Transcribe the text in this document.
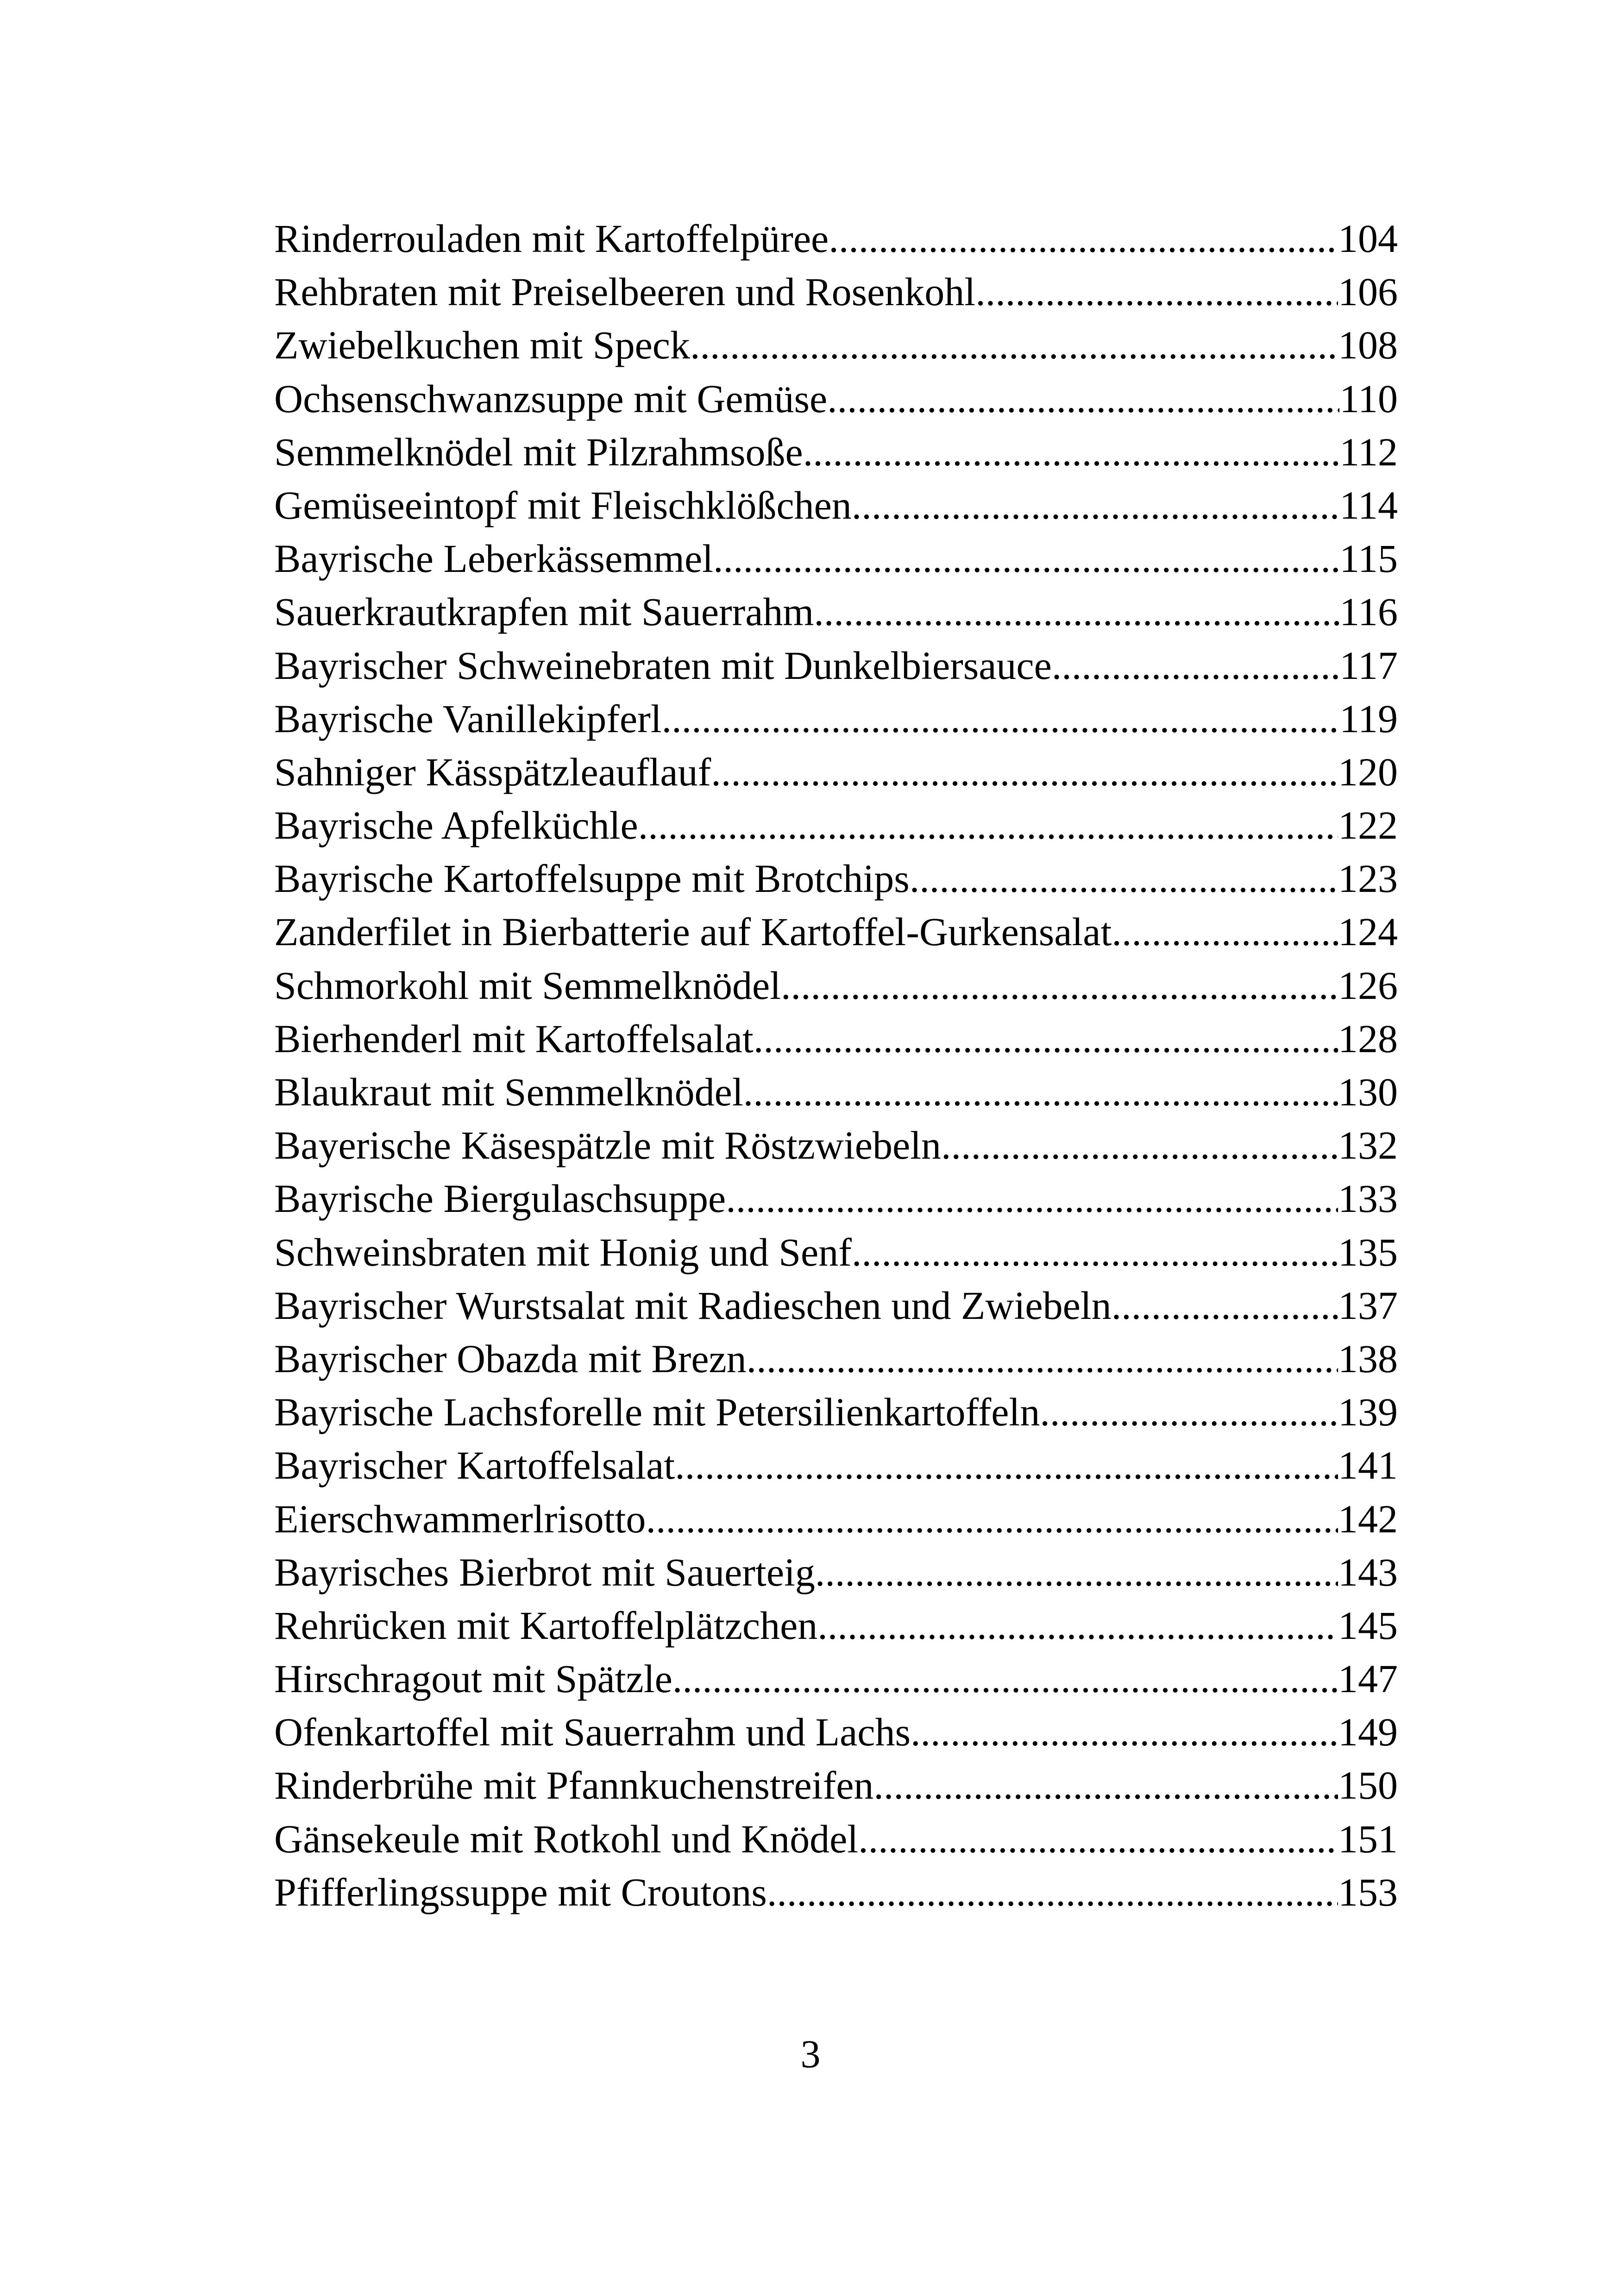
Rinderrouladen mit Kartoffelpüree .....	104
Rehbraten mit Preiselbeeren und Rosenkohl .....	106
Zwiebelkuchen mit Speck .....	108
Ochsenschwanzsuppe mit Gemüse .....	110
Semmelknödel mit Pilzrahmsoße .....	112
Gemüseeintopf mit Fleischklößchen .....	114
Bayrische Leberkässemmel .....	115
Sauerkrautkrapfen mit Sauerrahm .....	116
Bayrischer Schweinebraten mit Dunkelbiersauce .....	117
Bayrische Vanillekipferl .....	119
Sahniger Kässpätzleauflauf .....	120
Bayrische Apfelküchle .....	122
Bayrische Kartoffelsuppe mit Brotchips .....	123
Zanderfilet in Bierbatterie auf Kartoffel-Gurkensalat .....	124
Schmorkohl mit Semmelknödel .....	126
Bierhenderl mit Kartoffelsalat .....	128
Blaukraut mit Semmelknödel .....	130
Bayerische Käsespätzle mit Röstzwiebeln .....	132
Bayrische Biergulaschsuppe .....	133
Schweinsbraten mit Honig und Senf .....	135
Bayrischer Wurstsalat mit Radieschen und Zwiebeln .....	137
Bayrischer Obazda mit Brezn .....	138
Bayrische Lachsforelle mit Petersilienkartoffeln .....	139
Bayrischer Kartoffelsalat .....	141
Eierschwammerlrisotto .....	142
Bayrisches Bierbrot mit Sauerteig .....	143
Rehrücken mit Kartoffelplätzchen .....	145
Hirschragout mit Spätzle .....	147
Ofenkartoffel mit Sauerrahm und Lachs .....	149
Rinderbrühe mit Pfannkuchenstreifen .....	150
Gänsekeule mit Rotkohl und Knödel .....	151
Pfifferlingssuppe mit Croutons .....	153
3
